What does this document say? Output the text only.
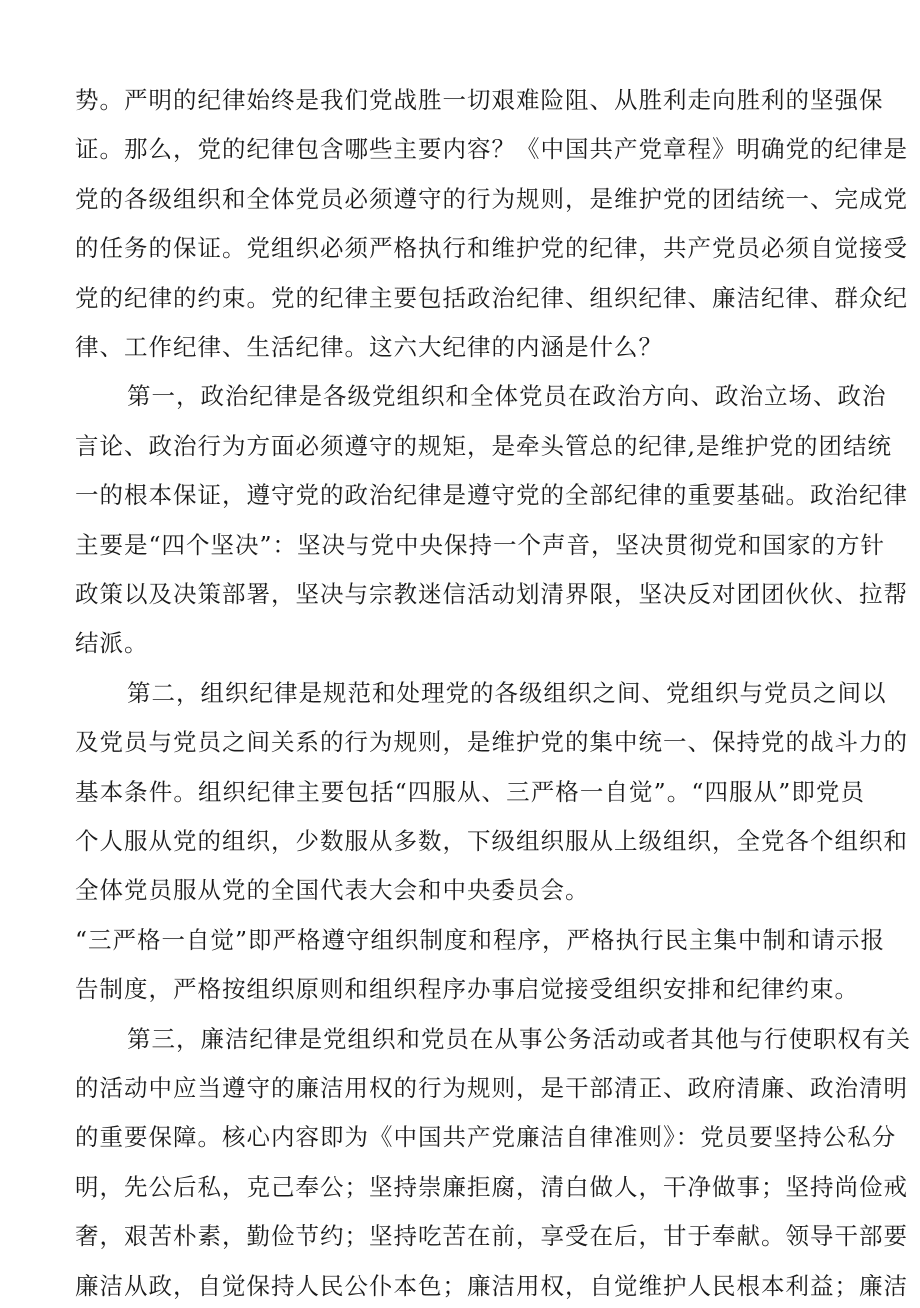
势。严明的纪律始终是我们党战胜一切艰难险阻、从胜利走向胜利的坚强保
证。那么，党的纪律包含哪些主要内容？《中国共产党章程》明确党的纪律是
党的各级组织和全体党员必须遵守的行为规则，是维护党的团结统一、完成党
的任务的保证。党组织必须严格执行和维护党的纪律，共产党员必须自觉接受
党的纪律的约束。党的纪律主要包括政治纪律、组织纪律、廉洁纪律、群众纪
律、工作纪律、生活纪律。这六大纪律的内涵是什么？
第一，政治纪律是各级党组织和全体党员在政治方向、政治立场、政治
言论、政治行为方面必须遵守的规矩，是牵头管总的纪律,是维护党的团结统
一的根本保证，遵守党的政治纪律是遵守党的全部纪律的重要基础。政治纪律
主要是“四个坚决”：坚决与党中央保持一个声音，坚决贯彻党和国家的方针
政策以及决策部署，坚决与宗教迷信活动划清界限，坚决反对团团伙伙、拉帮
结派。
第二，组织纪律是规范和处理党的各级组织之间、党组织与党员之间以
及党员与党员之间关系的行为规则，是维护党的集中统一、保持党的战斗力的
基本条件。组织纪律主要包括“四服从、三严格一自觉”。“四服从”即党员
个人服从党的组织，少数服从多数，下级组织服从上级组织，全党各个组织和
全体党员服从党的全国代表大会和中央委员会。
“三严格一自觉”即严格遵守组织制度和程序，严格执行民主集中制和请示报
告制度，严格按组织原则和组织程序办事启觉接受组织安排和纪律约束。
第三，廉洁纪律是党组织和党员在从事公务活动或者其他与行使职权有关
的活动中应当遵守的廉洁用权的行为规则，是干部清正、政府清廉、政治清明
的重要保障。核心内容即为《中国共产党廉洁自律准则》：党员要坚持公私分
明，先公后私，克己奉公；坚持崇廉拒腐，清白做人，干净做事；坚持尚俭戒
奢，艰苦朴素，勤俭节约；坚持吃苦在前，享受在后，甘于奉献。领导干部要
廉洁从政，自觉保持人民公仆本色；廉洁用权，自觉维护人民根本利益；廉洁
